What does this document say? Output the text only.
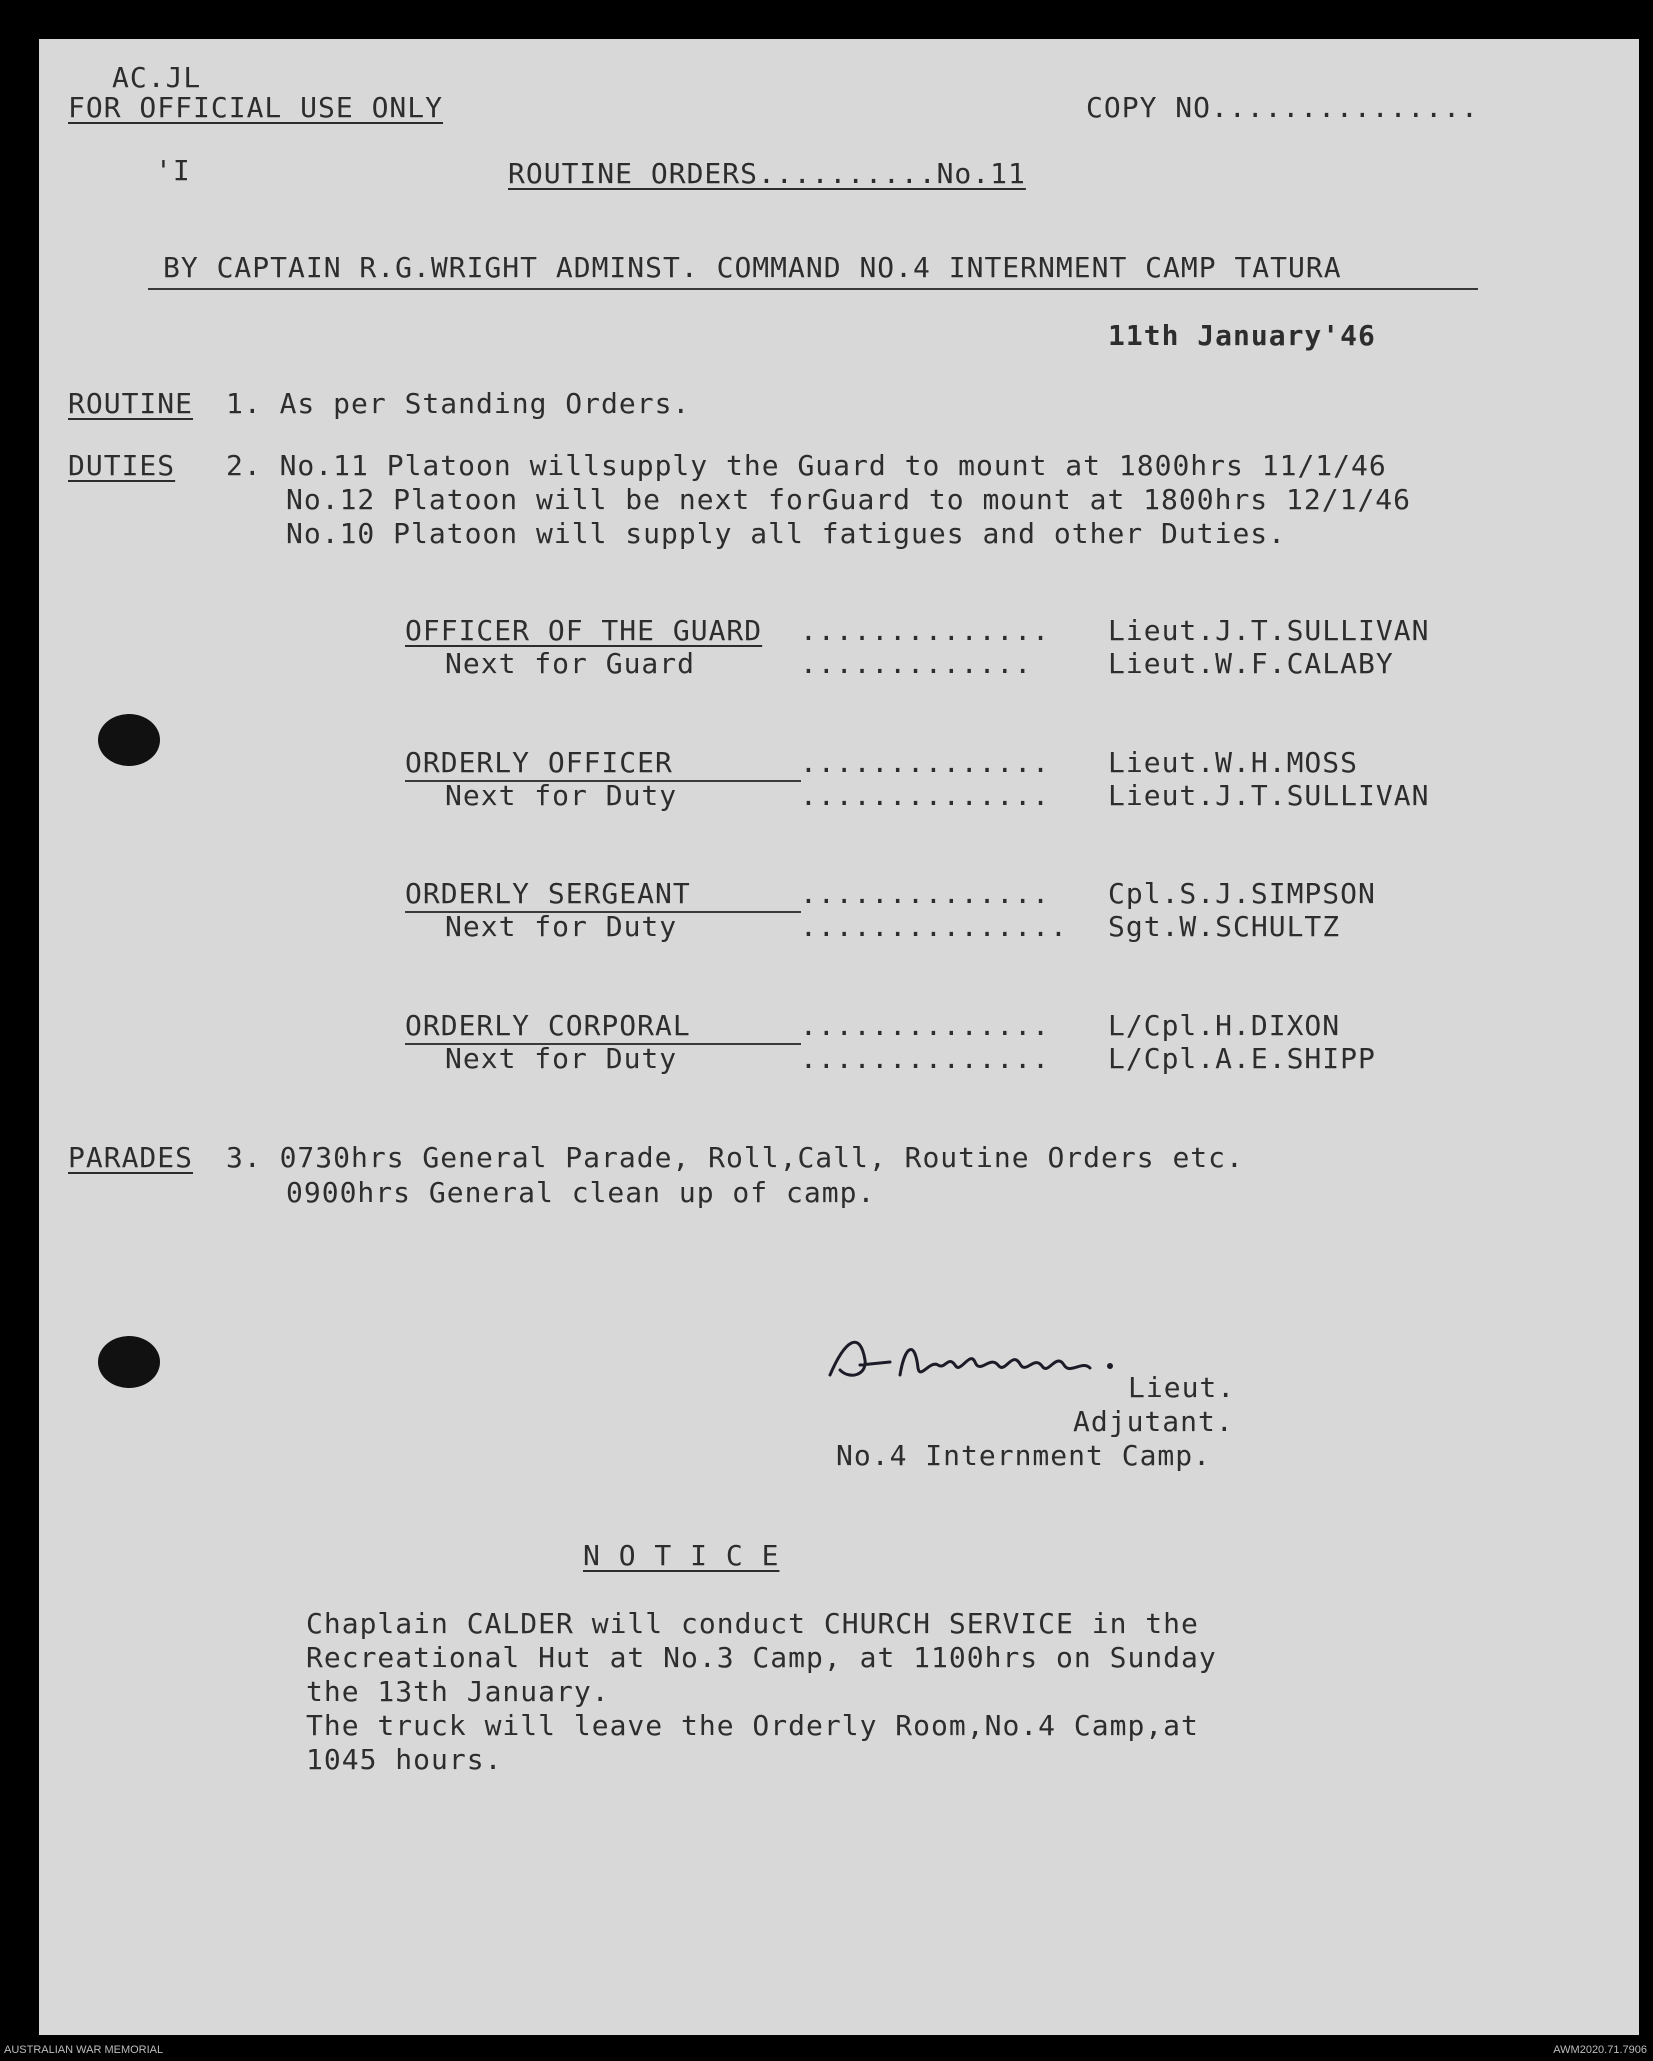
AC.JL
FOR OFFICIAL USE ONLY	COPY NO...............
'I	ROUTINE ORDERS..........No.11
BY CAPTAIN R.G.WRIGHT ADMINST. COMMAND NO.4 INTERNMENT CAMP TATURA
11th January'46
ROUTINE 1. As per Standing Orders.
DUTIES 2. No.11 Platoon willsupply the Guard to mount at 1800hrs 11/1/46
No.12 Platoon will be next forGuard to mount at 1800hrs 12/1/46
No.10 Platoon will supply all fatigues and other Duties.
OFFICER OF THE GUARD .............. Lieut.J.T.SULLIVAN
Next for Guard	.............	Lieut.W.F.CALABY
ORDERLY OFFICER	.............. Lieut.W.H.MOSS
Next for Duty	.............. Lieut.J.T.SULLIVAN
ORDERLY SERGEANT	.............. Cpl.S.J.SIMPSON
Next for Duty	............... Sgt.W.SCHULTZ
ORDERLY CORPORAL	.............. L/Cpl.H.DIXON
Next for Duty	.............. L/Cpl.A.E.SHIPP
PARADES 3. 0730hrs General Parade, Roll,Call, Routine Orders etc.
0900hrs General clean up of camp.
Lieut.
Adjutant.
No.4 Internment Camp.
N O T I C E
Chaplain CALDER will conduct CHURCH SERVICE in the
Recreational Hut at No.3 Camp, at 1100hrs on Sunday
the 13th January.
The truck will leave the Orderly Room,No.4 Camp,at
1045 hours.
AUSTRALIAN WAR MEMORIAL	AWM2020.71.7906
